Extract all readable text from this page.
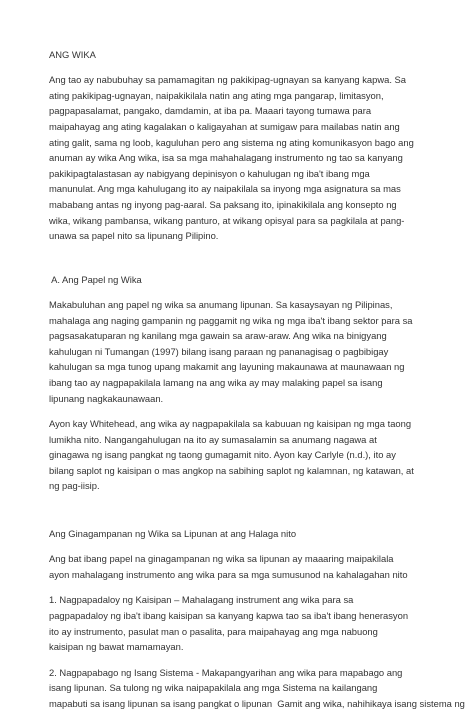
ANG WIKA
Ang tao ay nabubuhay sa pamamagitan ng pakikipag-ugnayan sa kanyang kapwa. Sa
ating pakikipag-ugnayan, naipakikilala natin ang ating mga pangarap, limitasyon,
pagpapasalamat, pangako, damdamin, at iba pa. Maaari tayong tumawa para
maipahayag ang ating kagalakan o kaligayahan at sumigaw para mailabas natin ang
ating galit, sama ng loob, kaguluhan pero ang sistema ng ating komunikasyon bago ang
anuman ay wika Ang wika, isa sa mga mahahalagang instrumento ng tao sa kanyang
pakikipagtalastasan ay nabigyang depinisyon o kahulugan ng iba't ibang mga
manunulat. Ang mga kahulugang ito ay naipakilala sa inyong mga asignatura sa mas
mababang antas ng inyong pag-aaral. Sa paksang ito, ipinakikilala ang konsepto ng
wika, wikang pambansa, wikang panturo, at wikang opisyal para sa pagkilala at pang-
unawa sa papel nito sa lipunang Pilipino.
A. Ang Papel ng Wika
Makabuluhan ang papel ng wika sa anumang lipunan. Sa kasaysayan ng Pilipinas,
mahalaga ang naging gampanin ng paggamit ng wika ng mga iba't ibang sektor para sa
pagsasakatuparan ng kanilang mga gawain sa araw-araw. Ang wika na binigyang
kahulugan ni Tumangan (1997) bilang isang paraan ng pananagisag o pagbibigay
kahulugan sa mga tunog upang makamit ang layuning makaunawa at maunawaan ng
ibang tao ay nagpapakilala lamang na ang wika ay may malaking papel sa isang
lipunang nagkakaunawaan.
Ayon kay Whitehead, ang wika ay nagpapakilala sa kabuuan ng kaisipan ng mga taong
lumikha nito. Nangangahulugan na ito ay sumasalamin sa anumang nagawa at
ginagawa ng isang pangkat ng taong gumagamit nito. Ayon kay Carlyle (n.d.), ito ay
bilang saplot ng kaisipan o mas angkop na sabihing saplot ng kalamnan, ng katawan, at
ng pag-iisip.
Ang Ginagampanan ng Wika sa Lipunan at ang Halaga nito
Ang bat ibang papel na ginagampanan ng wika sa lipunan ay maaaring maipakilala
ayon mahalagang instrumento ang wika para sa mga sumusunod na kahalagahan nito
1. Nagpapadaloy ng Kaisipan – Mahalagang instrument ang wika para sa
pagpapadaloy ng iba't ibang kaisipan sa kanyang kapwa tao sa iba't ibang henerasyon
ito ay instrumento, pasulat man o pasalita, para maipahayag ang mga nabuong
kaisipan ng bawat mamamayan.
2. Nagpapabago ng Isang Sistema - Makapangyarihan ang wika para mapabago ang
isang lipunan. Sa tulong ng wika naipapakilala ang mga Sistema na kailangang
mapabuti sa isang lipunan sa isang pangkat o lipunan  Gamit ang wika, nahihikayа isang sistema ng
